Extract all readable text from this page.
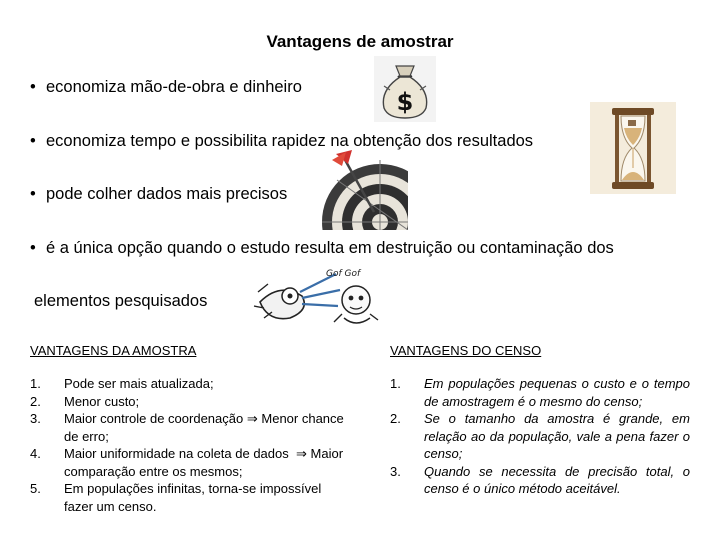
Vantagens de amostrar
• economiza mão-de-obra e dinheiro
$
• economiza tempo e possibilita rapidez na obtenção dos resultados
• pode colher dados mais precisos
• é a única opção quando o estudo resulta em destruição ou contaminação dos
elementos pesquisados
Gof Gof
VANTAGENS DA AMOSTRA
1. Pode ser mais atualizada;
2. Menor custo;
3. Maior controle de coordenação ⇒ Menor chance de erro;
4. Maior uniformidade na coleta de dados ⇒ Maior comparação entre os mesmos;
5. Em populações infinitas, torna-se impossível fazer um censo.
VANTAGENS DO CENSO
1. Em populações pequenas o custo e o tempo de amostragem é o mesmo do censo;
2. Se o tamanho da amostra é grande, em relação ao da população, vale a pena fazer o censo;
3. Quando se necessita de precisão total, o censo é o único método aceitável.
